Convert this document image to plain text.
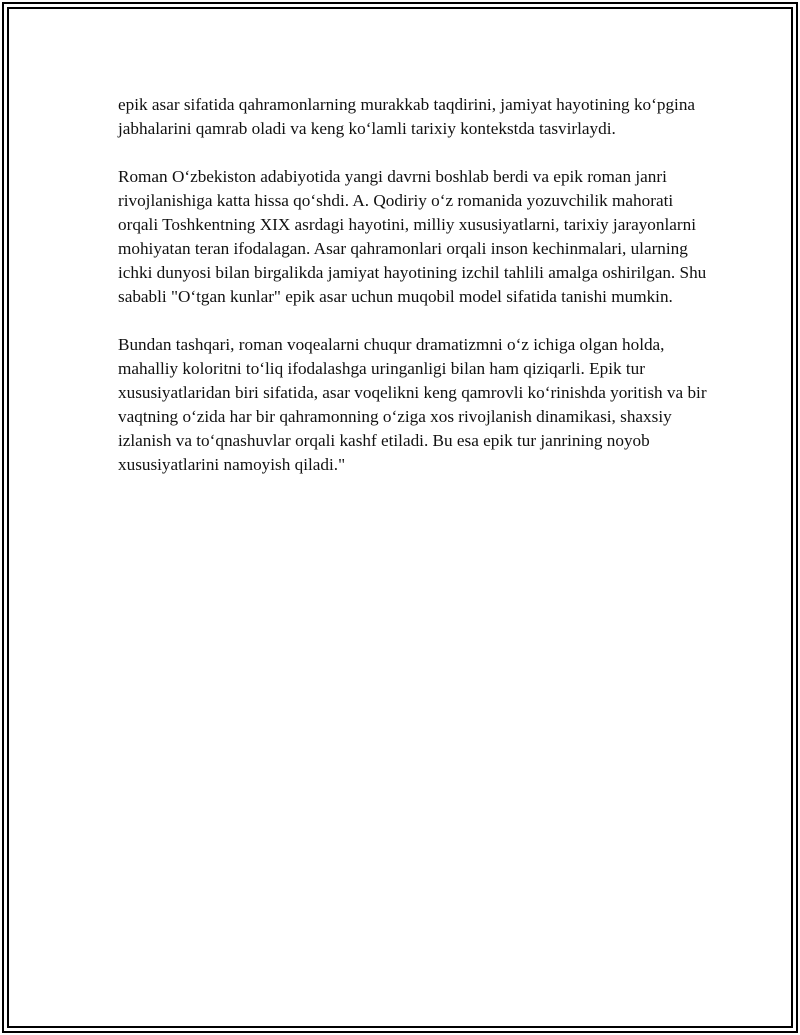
epik asar sifatida qahramonlarning murakkab taqdirini, jamiyat hayotining koʻpgina jabhalarini qamrab oladi va keng koʻlamli tarixiy kontekstda tasvirlaydi.

Roman Oʻzbekiston adabiyotida yangi davrni boshlab berdi va epik roman janri rivojlanishiga katta hissa qoʻshdi. A. Qodiriy oʻz romanida yozuvchilik mahorati orqali Toshkentning XIX asrdagi hayotini, milliy xususiyatlarni, tarixiy jarayonlarni mohiyatan teran ifodalagan. Asar qahramonlari orqali inson kechinmalari, ularning ichki dunyosi bilan birgalikda jamiyat hayotining izchil tahlili amalga oshirilgan. Shu sababli "Oʻtgan kunlar" epik asar uchun muqobil model sifatida tanishi mumkin.

Bundan tashqari, roman voqealarni chuqur dramatizmni oʻz ichiga olgan holda, mahalliy koloritni toʻliq ifodalashga uringanligi bilan ham qiziqarli. Epik tur xususiyatlaridan biri sifatida, asar voqelikni keng qamrovli koʻrinishda yoritish va bir vaqtning oʻzida har bir qahramonning oʻziga xos rivojlanish dinamikasi, shaxsiy izlanish va toʻqnashuvlar orqali kashf etiladi. Bu esa epik tur janrining noyob xususiyatlarini namoyish qiladi."
